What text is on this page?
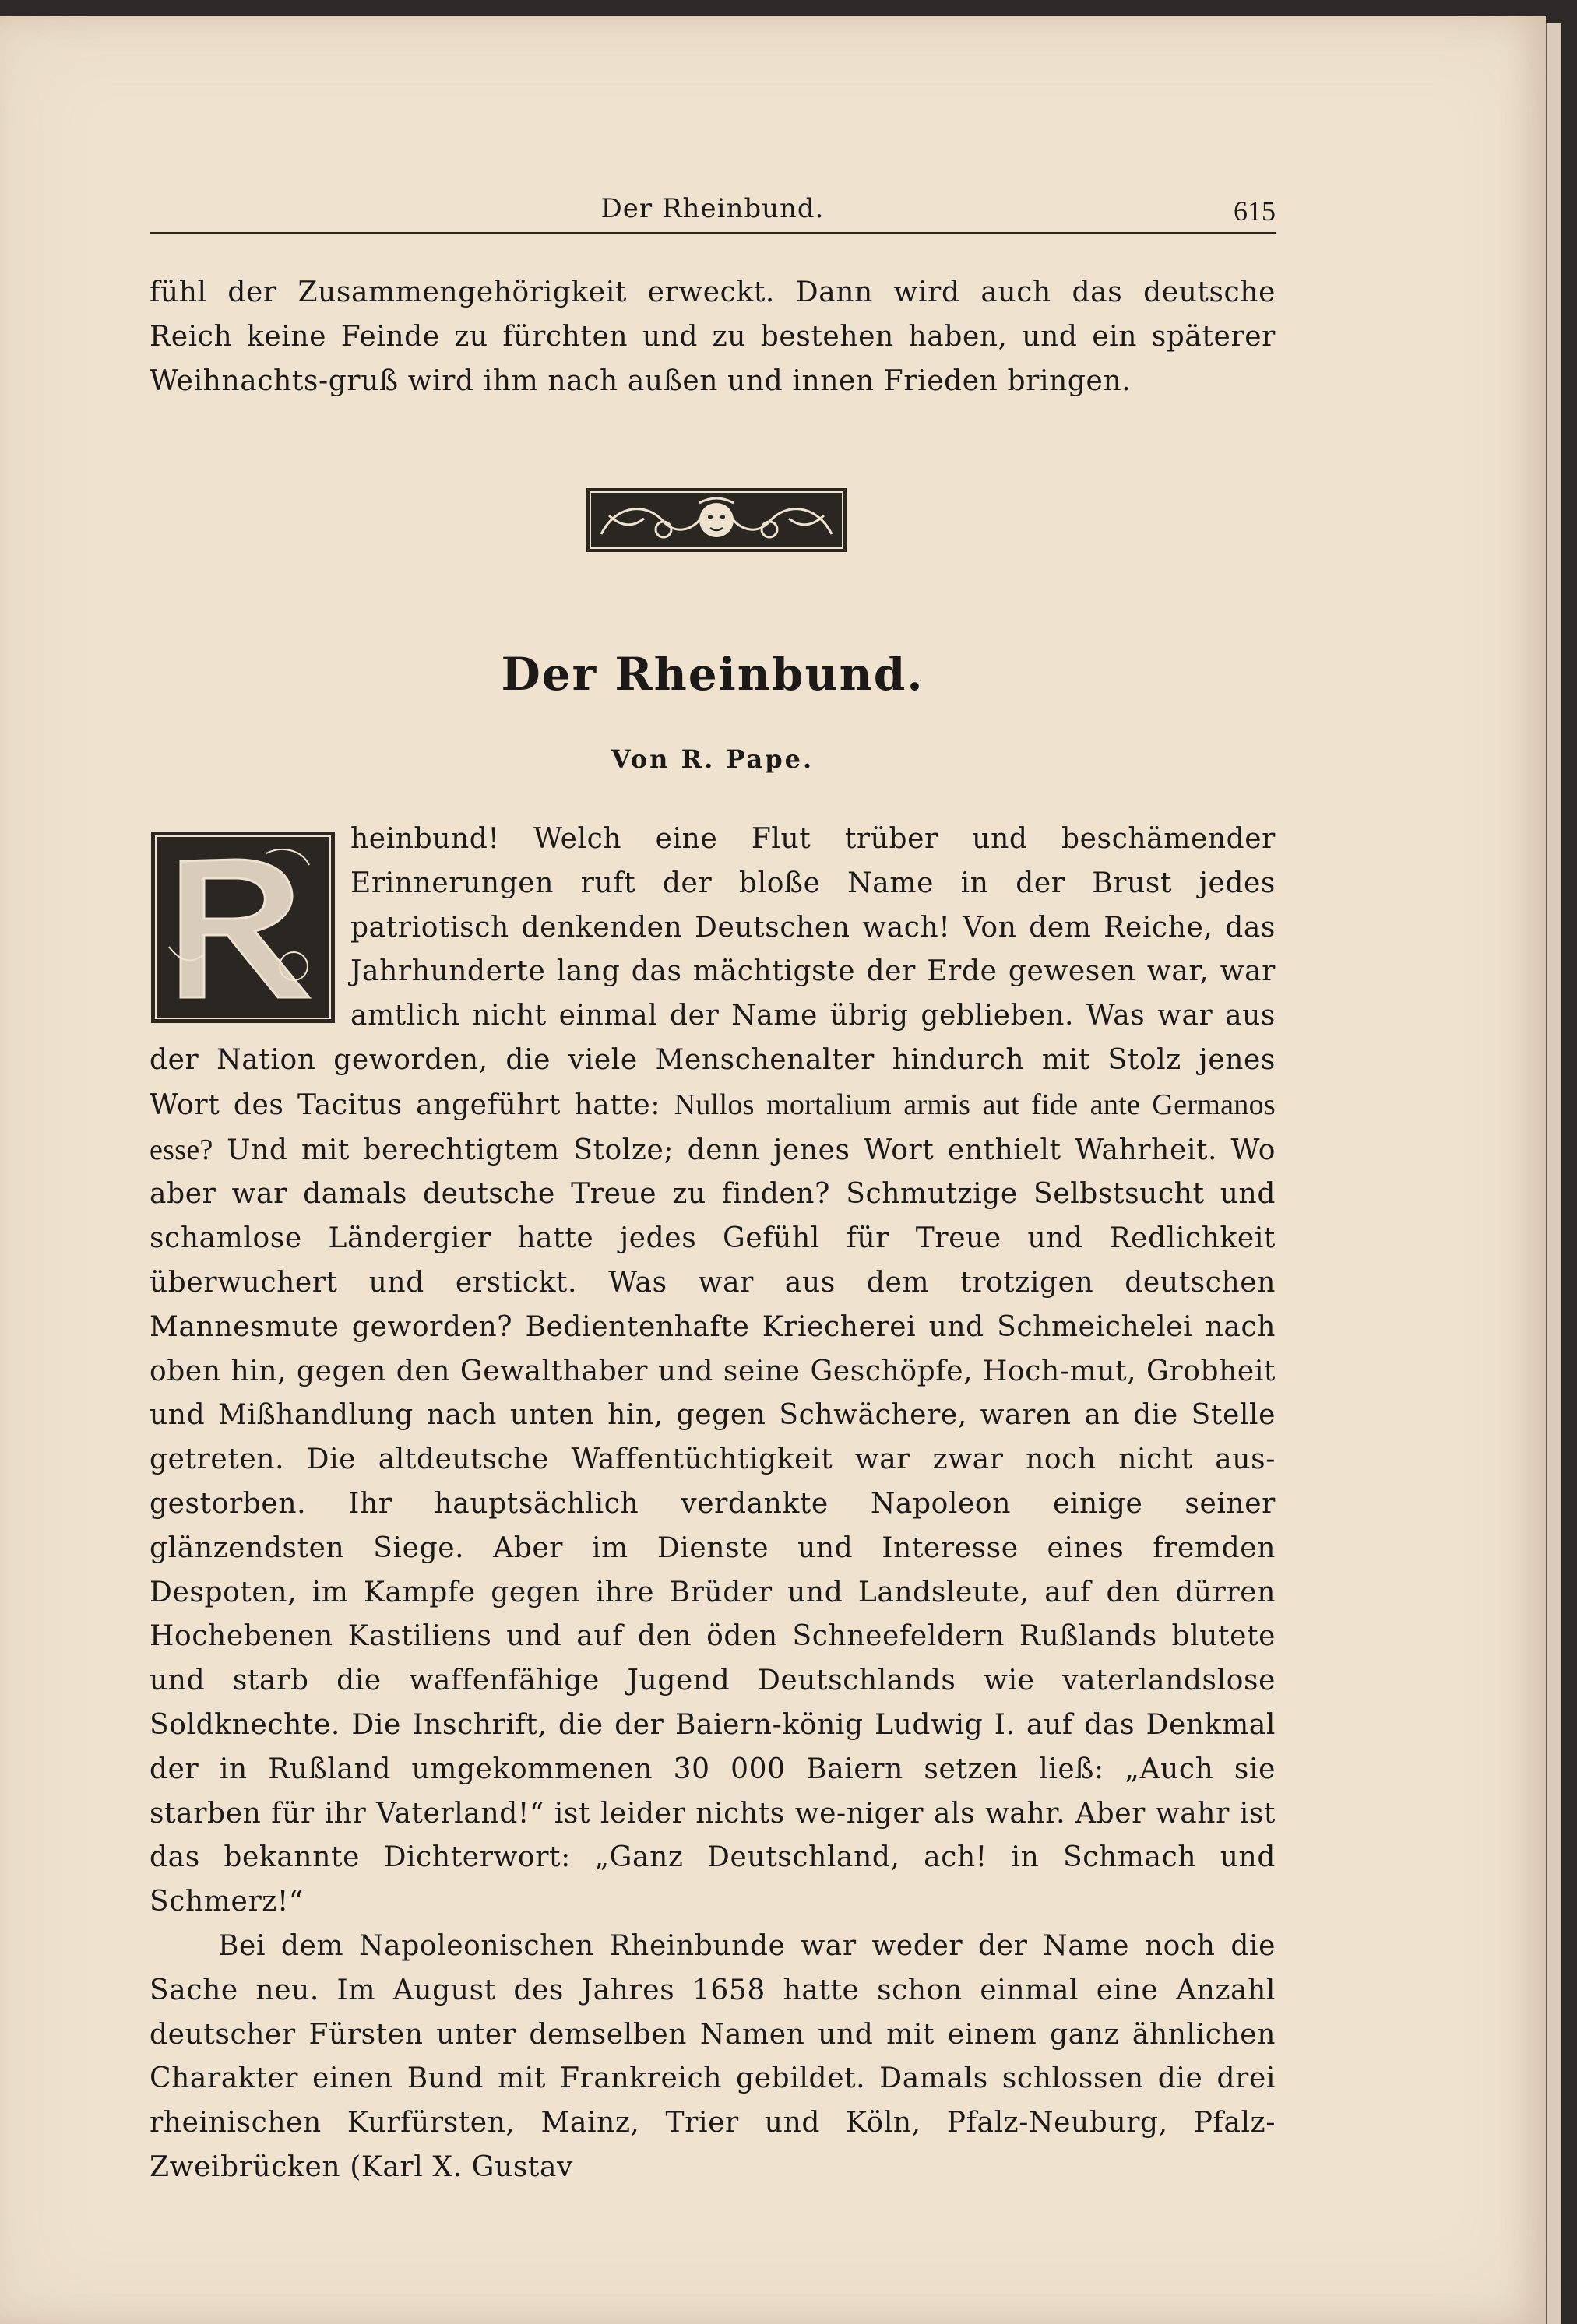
Der Rheinbund.	615

fühl der Zusammengehörigkeit erweckt. Dann wird auch das deutsche Reich keine Feinde zu fürchten und zu bestehen haben, und ein späterer Weihnachts-gruß wird ihm nach außen und innen Frieden bringen.

Der Rheinbund.
Von R. Pape.

heinbund! Welch eine Flut trüber und beschämender Erinnerungen ruft der bloße Name in der Brust jedes patriotisch denkenden Deutschen wach! Von dem Reiche, das Jahrhunderte lang das mächtigste der Erde gewesen war, war amtlich nicht einmal der Name übrig geblieben. Was war aus der Nation geworden, die viele Menschenalter hindurch mit Stolz jenes Wort des Tacitus angeführt hatte: Nullos mortalium armis aut fide ante Germanos esse? Und mit berechtigtem Stolze; denn jenes Wort enthielt Wahrheit. Wo aber war damals deutsche Treue zu finden? Schmutzige Selbstsucht und schamlose Ländergier hatte jedes Gefühl für Treue und Redlichkeit überwuchert und erstickt. Was war aus dem trotzigen deutschen Mannesmute geworden? Bedientenhafte Kriecherei und Schmeichelei nach oben hin, gegen den Gewalthaber und seine Geschöpfe, Hoch-mut, Grobheit und Mißhandlung nach unten hin, gegen Schwächere, waren an die Stelle getreten. Die altdeutsche Waffentüchtigkeit war zwar noch nicht aus-gestorben. Ihr hauptsächlich verdankte Napoleon einige seiner glänzendsten Siege. Aber im Dienste und Interesse eines fremden Despoten, im Kampfe gegen ihre Brüder und Landsleute, auf den dürren Hochebenen Kastiliens und auf den öden Schneefeldern Rußlands blutete und starb die waffenfähige Jugend Deutschlands wie vaterlandslose Soldknechte. Die Inschrift, die der Baiern-könig Ludwig I. auf das Denkmal der in Rußland umgekommenen 30 000 Baiern setzen ließ: „Auch sie starben für ihr Vaterland!“ ist leider nichts we-niger als wahr. Aber wahr ist das bekannte Dichterwort: „Ganz Deutschland, ach! in Schmach und Schmerz!“

Bei dem Napoleonischen Rheinbunde war weder der Name noch die Sache neu. Im August des Jahres 1658 hatte schon einmal eine Anzahl deutscher Fürsten unter demselben Namen und mit einem ganz ähnlichen Charakter einen Bund mit Frankreich gebildet. Damals schlossen die drei rheinischen Kurfürsten, Mainz, Trier und Köln, Pfalz-Neuburg, Pfalz-Zweibrücken (Karl X. Gustav
